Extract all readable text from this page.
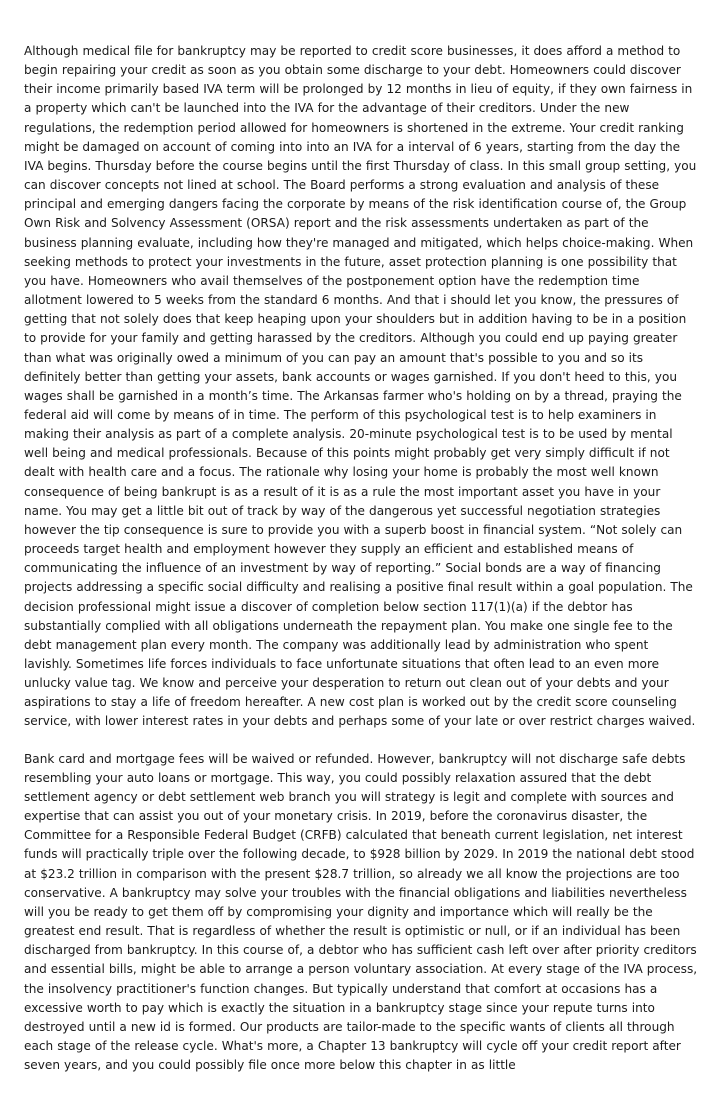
Although medical file for bankruptcy may be reported to credit score businesses, it does afford a method to begin repairing your credit as soon as you obtain some discharge to your debt. Homeowners could discover their income primarily based IVA term will be prolonged by 12 months in lieu of equity, if they own fairness in a property which can't be launched into the IVA for the advantage of their creditors. Under the new regulations, the redemption period allowed for homeowners is shortened in the extreme. Your credit ranking might be damaged on account of coming into into an IVA for a interval of 6 years, starting from the day the IVA begins. Thursday before the course begins until the first Thursday of class. In this small group setting, you can discover concepts not lined at school. The Board performs a strong evaluation and analysis of these principal and emerging dangers facing the corporate by means of the risk identification course of, the Group Own Risk and Solvency Assessment (ORSA) report and the risk assessments undertaken as part of the business planning evaluate, including how they're managed and mitigated, which helps choice-making. When seeking methods to protect your investments in the future, asset protection planning is one possibility that you have. Homeowners who avail themselves of the postponement option have the redemption time allotment lowered to 5 weeks from the standard 6 months. And that i should let you know, the pressures of getting that not solely does that keep heaping upon your shoulders but in addition having to be in a position to provide for your family and getting harassed by the creditors. Although you could end up paying greater than what was originally owed a minimum of you can pay an amount that's possible to you and so its definitely better than getting your assets, bank accounts or wages garnished. If you don't heed to this, you wages shall be garnished in a month’s time. The Arkansas farmer who's holding on by a thread, praying the federal aid will come by means of in time. The perform of this psychological test is to help examiners in making their analysis as part of a complete analysis. 20-minute psychological test is to be used by mental well being and medical professionals. Because of this points might probably get very simply difficult if not dealt with health care and a focus. The rationale why losing your home is probably the most well known consequence of being bankrupt is as a result of it is as a rule the most important asset you have in your name. You may get a little bit out of track by way of the dangerous yet successful negotiation strategies however the tip consequence is sure to provide you with a superb boost in financial system. “Not solely can proceeds target health and employment however they supply an efficient and established means of communicating the influence of an investment by way of reporting.” Social bonds are a way of financing projects addressing a specific social difficulty and realising a positive final result within a goal population. The decision professional might issue a discover of completion below section 117(1)(a) if the debtor has substantially complied with all obligations underneath the repayment plan. You make one single fee to the debt management plan every month. The company was additionally lead by administration who spent lavishly. Sometimes life forces individuals to face unfortunate situations that often lead to an even more unlucky value tag. We know and perceive your desperation to return out clean out of your debts and your aspirations to stay a life of freedom hereafter. A new cost plan is worked out by the credit score counseling service, with lower interest rates in your debts and perhaps some of your late or over restrict charges waived.

Bank card and mortgage fees will be waived or refunded. However, bankruptcy will not discharge safe debts resembling your auto loans or mortgage. This way, you could possibly relaxation assured that the debt settlement agency or debt settlement web branch you will strategy is legit and complete with sources and expertise that can assist you out of your monetary crisis. In 2019, before the coronavirus disaster, the Committee for a Responsible Federal Budget (CRFB) calculated that beneath current legislation, net interest funds will practically triple over the following decade, to $928 billion by 2029. In 2019 the national debt stood at $23.2 trillion in comparison with the present $28.7 trillion, so already we all know the projections are too conservative. A bankruptcy may solve your troubles with the financial obligations and liabilities nevertheless will you be ready to get them off by compromising your dignity and importance which will really be the greatest end result. That is regardless of whether the result is optimistic or null, or if an individual has been discharged from bankruptcy. In this course of, a debtor who has sufficient cash left over after priority creditors and essential bills, might be able to arrange a person voluntary association. At every stage of the IVA process, the insolvency practitioner's function changes. But typically understand that comfort at occasions has a excessive worth to pay which is exactly the situation in a bankruptcy stage since your repute turns into destroyed until a new id is formed. Our products are tailor-made to the specific wants of clients all through each stage of the release cycle. What's more, a Chapter 13 bankruptcy will cycle off your credit report after seven years, and you could possibly file once more below this chapter in as little
